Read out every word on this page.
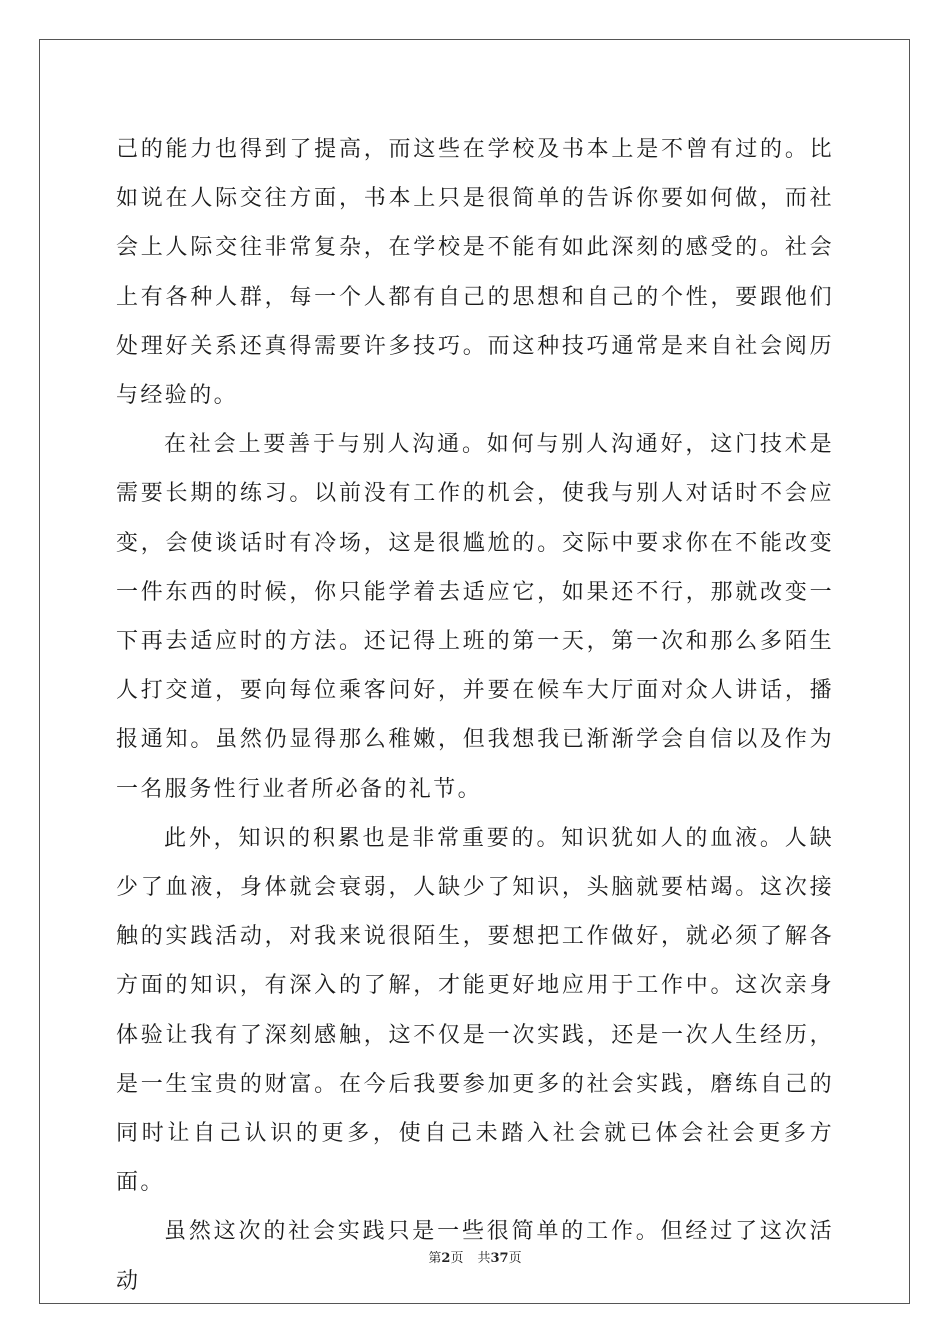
己的能力也得到了提高，而这些在学校及书本上是不曾有过的。比如说在人际交往方面，书本上只是很简单的告诉你要如何做，而社会上人际交往非常复杂，在学校是不能有如此深刻的感受的。社会上有各种人群，每一个人都有自己的思想和自己的个性，要跟他们处理好关系还真得需要许多技巧。而这种技巧通常是来自社会阅历与经验的。

在社会上要善于与别人沟通。如何与别人沟通好，这门技术是需要长期的练习。以前没有工作的机会，使我与别人对话时不会应变，会使谈话时有冷场，这是很尴尬的。交际中要求你在不能改变一件东西的时候，你只能学着去适应它，如果还不行，那就改变一下再去适应时的方法。还记得上班的第一天，第一次和那么多陌生人打交道，要向每位乘客问好，并要在候车大厅面对众人讲话，播报通知。虽然仍显得那么稚嫩，但我想我已渐渐学会自信以及作为一名服务性行业者所必备的礼节。

此外，知识的积累也是非常重要的。知识犹如人的血液。人缺少了血液，身体就会衰弱，人缺少了知识，头脑就要枯竭。这次接触的实践活动，对我来说很陌生，要想把工作做好，就必须了解各方面的知识，有深入的了解，才能更好地应用于工作中。这次亲身体验让我有了深刻感触，这不仅是一次实践，还是一次人生经历，是一生宝贵的财富。在今后我要参加更多的社会实践，磨练自己的同时让自己认识的更多，使自己未踏入社会就已体会社会更多方面。

虽然这次的社会实践只是一些很简单的工作。但经过了这次活动

第2页 共37页
